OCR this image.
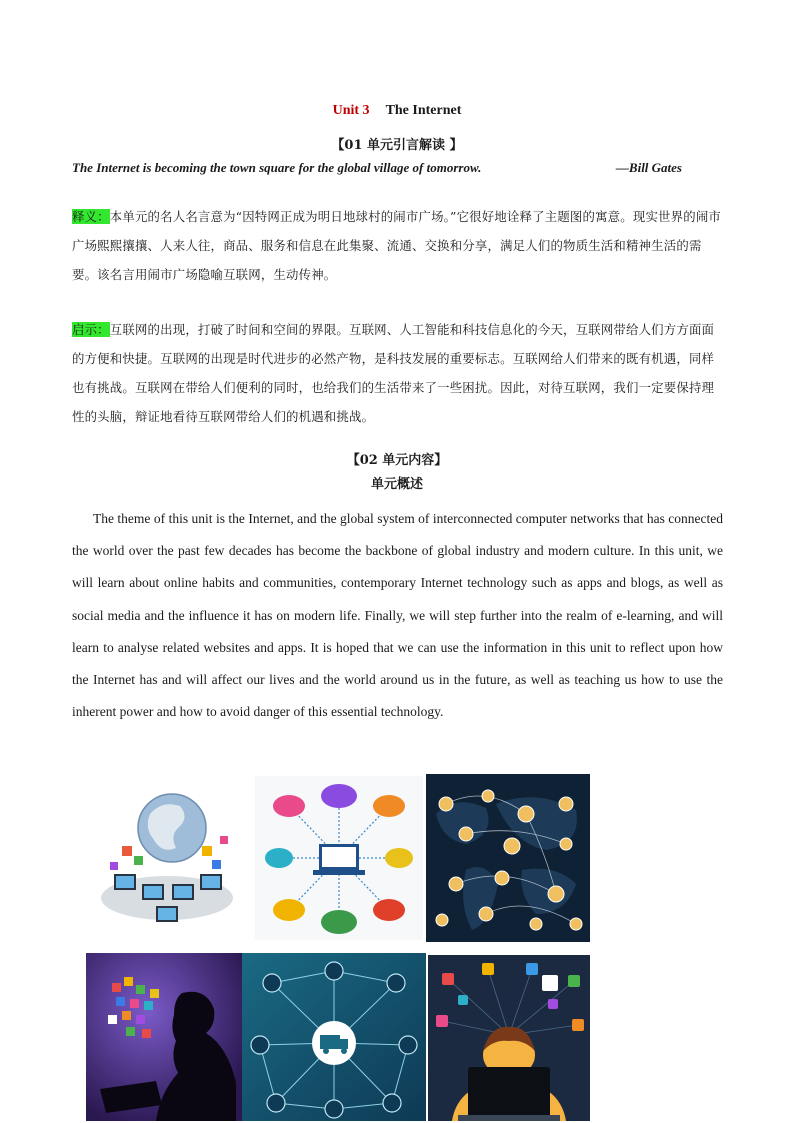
Unit 3 The Internet
【01 单元引言解读 】
The Internet is becoming the town square for the global village of tomorrow.	—Bill Gates
释义：本单元的名人名言意为“因特网正成为明日地球村的闹市广场。”它很好地诠释了主题图的寓意。现实世界的闹市广场熙熙攘攘、人来人往，商品、服务和信息在此集聚、流通、交换和分享，满足人们的物质生活和精神生活的需要。该名言用闹市广场隐喻互联网，生动传神。
启示：互联网的出现，打破了时间和空间的界限。互联网、人工智能和科技信息化的今天，互联网带给人们方方面面的方便和快捷。互联网的出现是时代进步的必然产物，是科技发展的重要标志。互联网给人们带来的既有机遇，同样也有挑战。互联网在带给人们便利的同时，也给我们的生活带来了一些困扰。因此，对待互联网，我们一定要保持理性的头脑，辩证地看待互联网带给人们的机遇和挑战。
【02 单元内容】
单元概述
The theme of this unit is the Internet, and the global system of interconnected computer networks that has connected the world over the past few decades has become the backbone of global industry and modern culture. In this unit, we will learn about online habits and communities, contemporary Internet technology such as apps and blogs, as well as social media and the influence it has on modern life. Finally, we will step further into the realm of e-learning, and will learn to analyse related websites and apps. It is hoped that we can use the information in this unit to reflect upon how the Internet has and will affect our lives and the world around us in the future, as well as teaching us how to use the inherent power and how to avoid danger of this essential technology.
